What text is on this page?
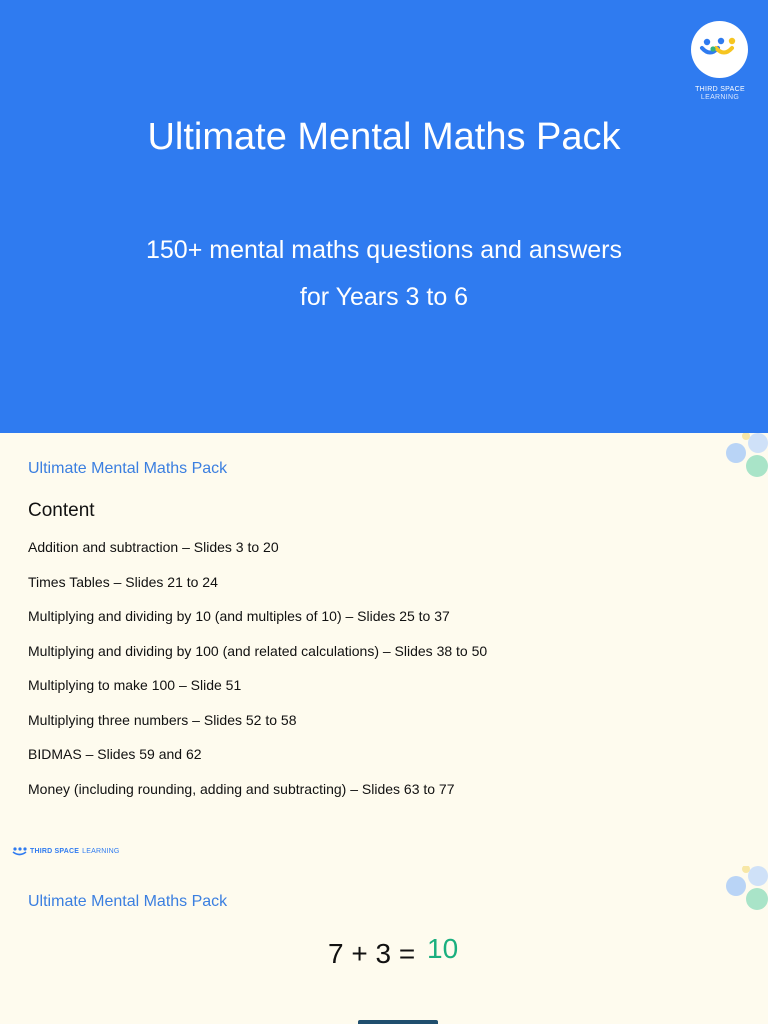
THIRD SPACE
LEARNING
Ultimate Mental Maths Pack
150+ mental maths questions and answers
for Years 3 to 6
Ultimate Mental Maths Pack
Content
Addition and subtraction – Slides 3 to 20
Times Tables – Slides 21 to 24
Multiplying and dividing by 10 (and multiples of 10) – Slides 25 to 37
Multiplying and dividing by 100 (and related calculations) – Slides 38 to 50
Multiplying to make 100 – Slide 51
Multiplying three numbers – Slides 52 to 58
BIDMAS – Slides 59 and 62
Money (including rounding, adding and subtracting) – Slides 63 to 77
THIRD SPACE LEARNING
Ultimate Mental Maths Pack
7 + 3 = 10
